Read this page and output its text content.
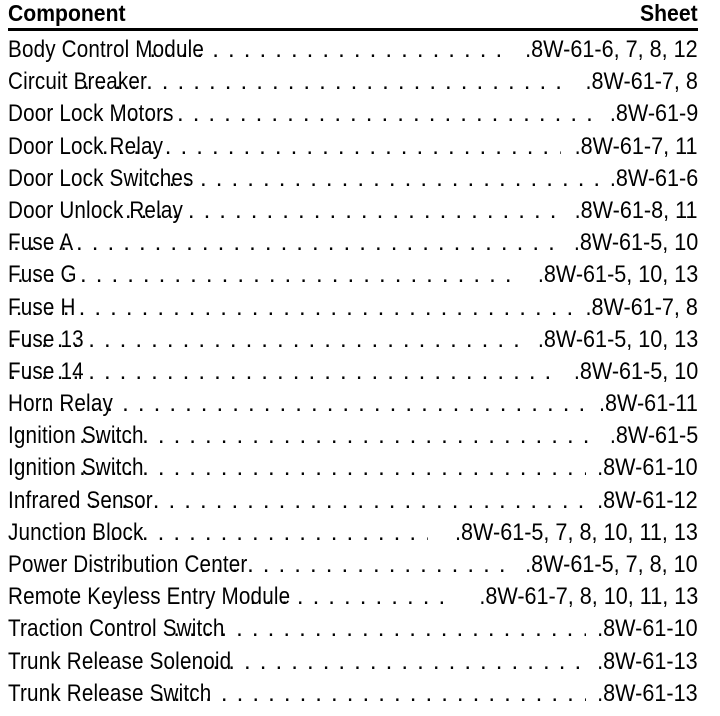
Component	Sheet
Body Control Module . . .	.8W-61-6, 7, 8, 12
Circuit Breaker . . .	.8W-61-7, 8
Door Lock Motors . . .	.8W-61-9
Door Lock Relay . . .	.8W-61-7, 11
Door Lock Switches . . .	.8W-61-6
Door Unlock Relay . . .	.8W-61-8, 11
Fuse A . . .	.8W-61-5, 10
Fuse G . . .	.8W-61-5, 10, 13
Fuse H . . .	.8W-61-7, 8
Fuse 13 . . .	.8W-61-5, 10, 13
Fuse 14 . . .	.8W-61-5, 10
Horn Relay . . .	.8W-61-11
Ignition Switch . . .	.8W-61-5
Ignition Switch . . .	.8W-61-10
Infrared Sensor . . .	.8W-61-12
Junction Block . . .	.8W-61-5, 7, 8, 10, 11, 13
Power Distribution Center . . .	.8W-61-5, 7, 8, 10
Remote Keyless Entry Module . . .	.8W-61-7, 8, 10, 11, 13
Traction Control Switch . . .	.8W-61-10
Trunk Release Solenoid . . .	.8W-61-13
Trunk Release Switch . . .	.8W-61-13
